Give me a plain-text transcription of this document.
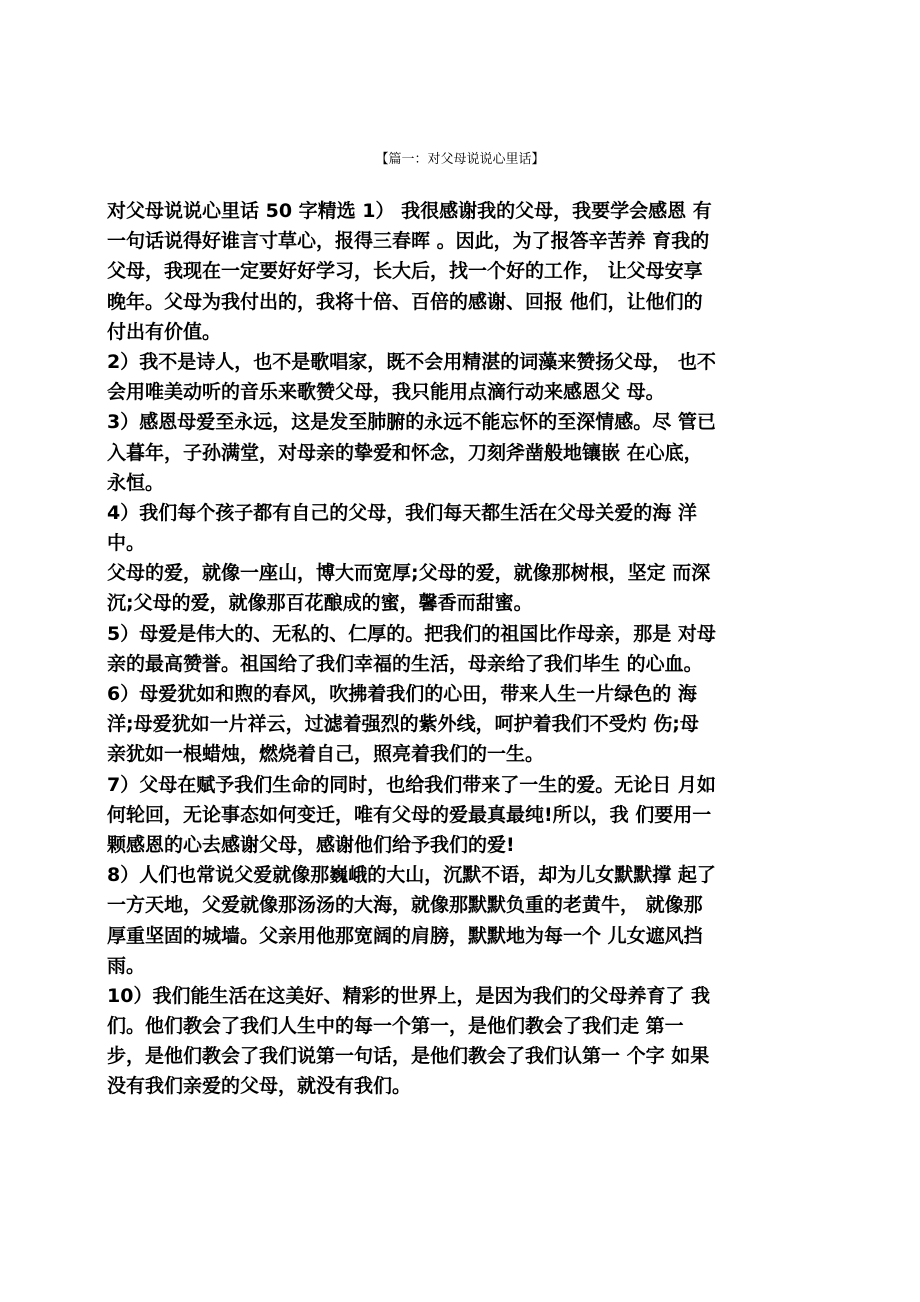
【篇一：对父母说说心里话】
对父母说说心里话 50 字精选 1） 我很感谢我的父母，我要学会感恩 有
一句话说得好谁言寸草心，报得三春晖 。因此，为了报答辛苦养 育我的
父母，我现在一定要好好学习，长大后，找一个好的工作， 让父母安享
晚年。父母为我付出的，我将十倍、百倍的感谢、回报 他们，让他们的
付出有价值。
2）我不是诗人，也不是歌唱家，既不会用精湛的词藻来赞扬父母， 也不
会用唯美动听的音乐来歌赞父母，我只能用点滴行动来感恩父 母。
3）感恩母爱至永远，这是发至肺腑的永远不能忘怀的至深情感。尽 管已
入暮年，子孙满堂，对母亲的挚爱和怀念，刀刻斧凿般地镶嵌 在心底，
永恒。
4）我们每个孩子都有自己的父母，我们每天都生活在父母关爱的海 洋
中。
父母的爱，就像一座山，博大而宽厚;父母的爱，就像那树根，坚定 而深
沉;父母的爱，就像那百花酿成的蜜，馨香而甜蜜。
5）母爱是伟大的、无私的、仁厚的。把我们的祖国比作母亲，那是 对母
亲的最高赞誉。祖国给了我们幸福的生活，母亲给了我们毕生 的心血。
6）母爱犹如和煦的春风，吹拂着我们的心田，带来人生一片绿色的 海
洋;母爱犹如一片祥云，过滤着强烈的紫外线，呵护着我们不受灼 伤;母
亲犹如一根蜡烛，燃烧着自己，照亮着我们的一生。
7）父母在赋予我们生命的同时，也给我们带来了一生的爱。无论日 月如
何轮回，无论事态如何变迁，唯有父母的爱最真最纯!所以，我 们要用一
颗感恩的心去感谢父母，感谢他们给予我们的爱!
8）人们也常说父爱就像那巍峨的大山，沉默不语，却为儿女默默撑 起了
一方天地，父爱就像那汤汤的大海，就像那默默负重的老黄牛， 就像那
厚重坚固的城墙。父亲用他那宽阔的肩膀，默默地为每一个 儿女遮风挡
雨。
10）我们能生活在这美好、精彩的世界上，是因为我们的父母养育了 我
们。他们教会了我们人生中的每一个第一，是他们教会了我们走 第一
步，是他们教会了我们说第一句话，是他们教会了我们认第一 个字 如果
没有我们亲爱的父母，就没有我们。
